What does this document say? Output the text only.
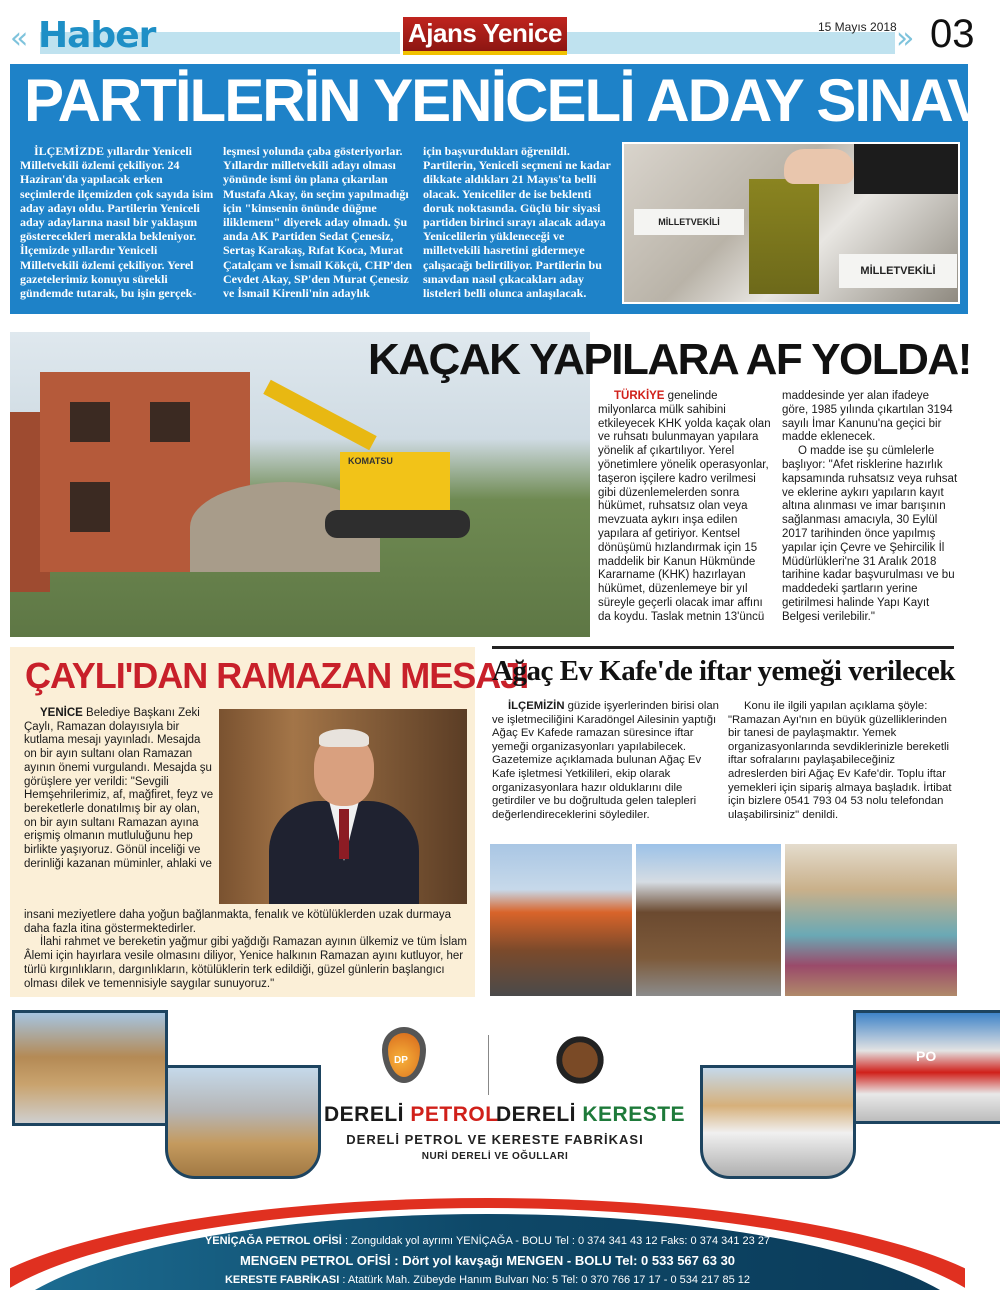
« Haber	Ajans Yenice	»
15 Mayıs 2018 03
PARTİLERİN YENİCELİ ADAY SINAVI
İLÇEMİZDE yıllardır Yeniceli Milletvekili özlemi çekiliyor. 24 Haziran'da yapılacak erken seçimlerde ilçemizden çok sayıda isim aday adayı oldu. Partilerin Yeniceli aday adaylarına nasıl bir yaklaşım gösterecekleri merakla bekleniyor. İlçemizde yıllardır Yeniceli Milletvekili özlemi çekiliyor. Yerel gazetelerimiz konuyu sürekli gündemde tutarak, bu işin gerçek-
leşmesi yolunda çaba gösteriyorlar. Yıllardır milletvekili adayı olması yönünde ismi ön plana çıkarılan Mustafa Akay, ön seçim yapılmadığı için "kimsenin önünde düğme iliklemem" diyerek aday olmadı. Şu anda AK Partiden Sedat Çenesiz, Sertaş Karakaş, Rıfat Koca, Murat Çatalçam ve İsmail Kökçü, CHP'den Cevdet Akay, SP'den Murat Çenesiz ve İsmail Kirenli'nin adaylık
için başvurdukları öğrenildi. Partilerin, Yeniceli seçmeni ne kadar dikkate aldıkları 21 Mayıs'ta belli olacak. Yeniceliler de ise beklenti doruk noktasında. Güçlü bir siyasi partiden birinci sırayı alacak adaya Yenicelilerin yükleneceği ve milletvekili hasretini gidermeye çalışacağı belirtiliyor. Partilerin bu sınavdan nasıl çıkacakları aday listeleri belli olunca anlaşılacak.
MİLLETVEKİLİ
MİLLETVEKİLİ
KOMATSU
KAÇAK YAPILARA AF YOLDA!
TÜRKİYE genelinde milyonlarca mülk sahibini etkileyecek KHK yolda kaçak olan ve ruhsatı bulunmayan yapılara yönelik af çıkartılıyor. Yerel yönetimlere yönelik operasyonlar, taşeron işçilere kadro verilmesi gibi düzenlemelerden sonra hükümet, ruhsatsız olan veya mevzuata aykırı inşa edilen yapılara af getiriyor. Kentsel dönüşümü hızlandırmak için 15 maddelik bir Kanun Hükmünde Kararname (KHK) hazırlayan hükümet, düzenlemeye bir yıl süreyle geçerli olacak imar affını da koydu. Taslak metnin 13'üncü
maddesinde yer alan ifadeye göre, 1985 yılında çıkartılan 3194 sayılı İmar Kanunu'na geçici bir madde eklenecek.
O madde ise şu cümlelerle başlıyor: "Afet risklerine hazırlık kapsamında ruhsatsız veya ruhsat ve eklerine aykırı yapıların kayıt altına alınması ve imar barışının sağlanması amacıyla, 30 Eylül 2017 tarihinden önce yapılmış yapılar için Çevre ve Şehircilik İl Müdürlükleri'ne 31 Aralık 2018 tarihine kadar başvurulması ve bu maddedeki şartların yerine getirilmesi halinde Yapı Kayıt Belgesi verilebilir."
ÇAYLI'DAN RAMAZAN MESAJI
YENİCE Belediye Başkanı Zeki Çaylı, Ramazan dolayısıyla bir kutlama mesajı yayınladı. Mesajda on bir ayın sultanı olan Ramazan ayının önemi vurgulandı. Mesajda şu görüşlere yer verildi: "Sevgili Hemşehrilerimiz, af, mağfiret, feyz ve bereketlerle donatılmış bir ay olan, on bir ayın sultanı Ramazan ayına erişmiş olmanın mutluluğunu hep birlikte yaşıyoruz. Gönül inceliği ve derinliği kazanan müminler, ahlaki ve
insani meziyetlere daha yoğun bağlanmakta, fenalık ve kötülüklerden uzak durmaya daha fazla itina göstermektedirler.
İlahi rahmet ve bereketin yağmur gibi yağdığı Ramazan ayının ülkemiz ve tüm İslam Âlemi için hayırlara vesile olmasını diliyor, Yenice halkının Ramazan ayını kutluyor, her türlü kırgınlıkların, dargınlıkların, kötülüklerin terk edildiği, güzel günlerin başlangıcı olması dilek ve temennisiyle saygılar sunuyoruz."
Ağaç Ev Kafe'de iftar yemeği verilecek
İLÇEMİZİN güzide işyerlerinden birisi olan ve işletmeciliğini Karadöngel Ailesinin yaptığı Ağaç Ev Kafede ramazan süresince iftar yemeği organizasyonları yapılabilecek. Gazetemize açıklamada bulunan Ağaç Ev Kafe işletmesi Yetkilileri, ekip olarak organizasyonlara hazır olduklarını dile getirdiler ve bu doğrultuda gelen talepleri değerlendireceklerini söylediler.
Konu ile ilgili yapılan açıklama şöyle: "Ramazan Ayı'nın en büyük güzelliklerinden bir tanesi de paylaşmaktır. Yemek organizasyonlarında sevdiklerinizle bereketli iftar sofralarını paylaşabileceğiniz adreslerden biri Ağaç Ev Kafe'dir. Toplu iftar yemekleri için sipariş almaya başladık. İrtibat için bizlere 0541 793 04 53 nolu telefondan ulaşabilirsiniz" denildi.
PO
DP
DERELİ PETROL
DERELİ KERESTE
DERELİ PETROL VE KERESTE FABRİKASI
NURİ DERELİ VE OĞULLARI
YENİÇAĞA PETROL OFİSİ : Zonguldak yol ayrımı YENİÇAĞA - BOLU Tel : 0 374 341 43 12 Faks: 0 374 341 23 27
MENGEN PETROL OFİSİ : Dört yol kavşağı MENGEN - BOLU Tel: 0 533 567 63 30
KERESTE FABRİKASI : Atatürk Mah. Zübeyde Hanım Bulvarı No: 5 Tel: 0 370 766 17 17 - 0 534 217 85 12
